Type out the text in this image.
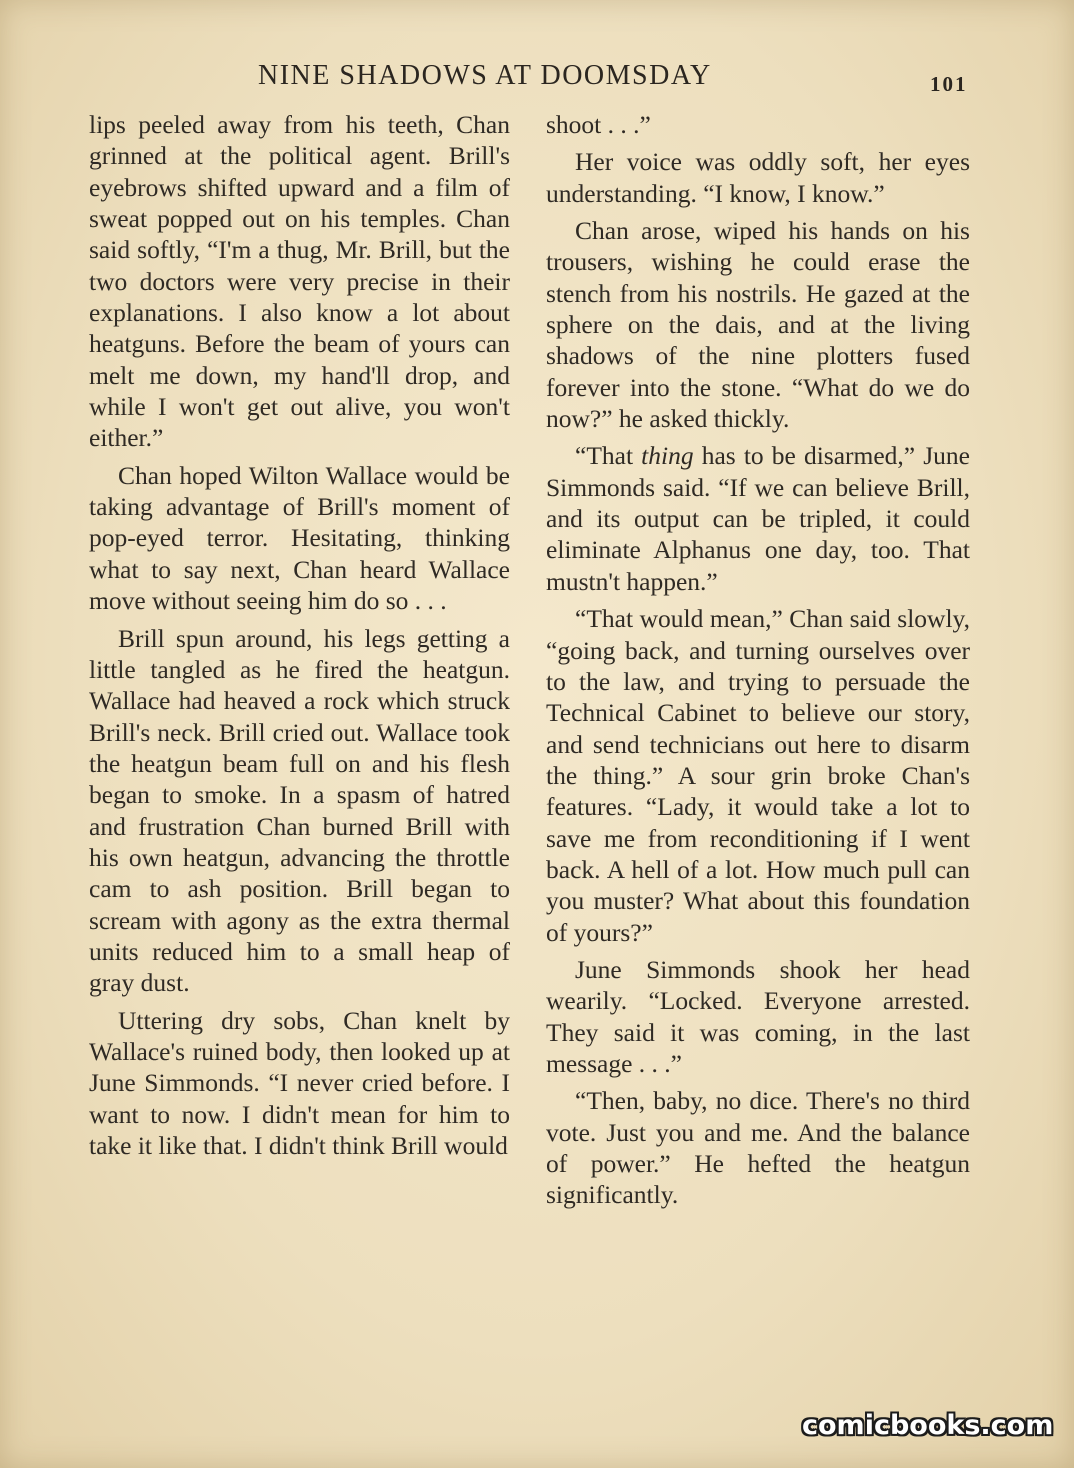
NINE SHADOWS AT DOOMSDAY	101

lips peeled away from his teeth, Chan grinned at the political agent. Brill's eyebrows shifted upward and a film of sweat popped out on his temples. Chan said softly, “I'm a thug, Mr. Brill, but the two doctors were very precise in their explanations. I also know a lot about heatguns. Before the beam of yours can melt me down, my hand'll drop, and while I won't get out alive, you won't either.”

Chan hoped Wilton Wallace would be taking advantage of Brill's moment of pop-eyed terror. Hesitating, thinking what to say next, Chan heard Wallace move without seeing him do so . . .

Brill spun around, his legs getting a little tangled as he fired the heatgun. Wallace had heaved a rock which struck Brill's neck. Brill cried out. Wallace took the heatgun beam full on and his flesh began to smoke. In a spasm of hatred and frustration Chan burned Brill with his own heatgun, advancing the throttle cam to ash position. Brill began to scream with agony as the extra thermal units reduced him to a small heap of gray dust.

Uttering dry sobs, Chan knelt by Wallace's ruined body, then looked up at June Simmonds. “I never cried before. I want to now. I didn't mean for him to take it like that. I didn't think Brill would

shoot . . .”

Her voice was oddly soft, her eyes understanding. “I know, I know.”

Chan arose, wiped his hands on his trousers, wishing he could erase the stench from his nostrils. He gazed at the sphere on the dais, and at the living shadows of the nine plotters fused forever into the stone. “What do we do now?” he asked thickly.

“That thing has to be disarmed,” June Simmonds said. “If we can believe Brill, and its output can be tripled, it could eliminate Alphanus one day, too. That mustn't happen.”

“That would mean,” Chan said slowly, “going back, and turning ourselves over to the law, and trying to persuade the Technical Cabinet to believe our story, and send technicians out here to disarm the thing.” A sour grin broke Chan's features. “Lady, it would take a lot to save me from reconditioning if I went back. A hell of a lot. How much pull can you muster? What about this foundation of yours?”

June Simmonds shook her head wearily. “Locked. Everyone arrested. They said it was coming, in the last message . . .”

“Then, baby, no dice. There's no third vote. Just you and me. And the balance of power.” He hefted the heatgun significantly.

comicbooks.com
